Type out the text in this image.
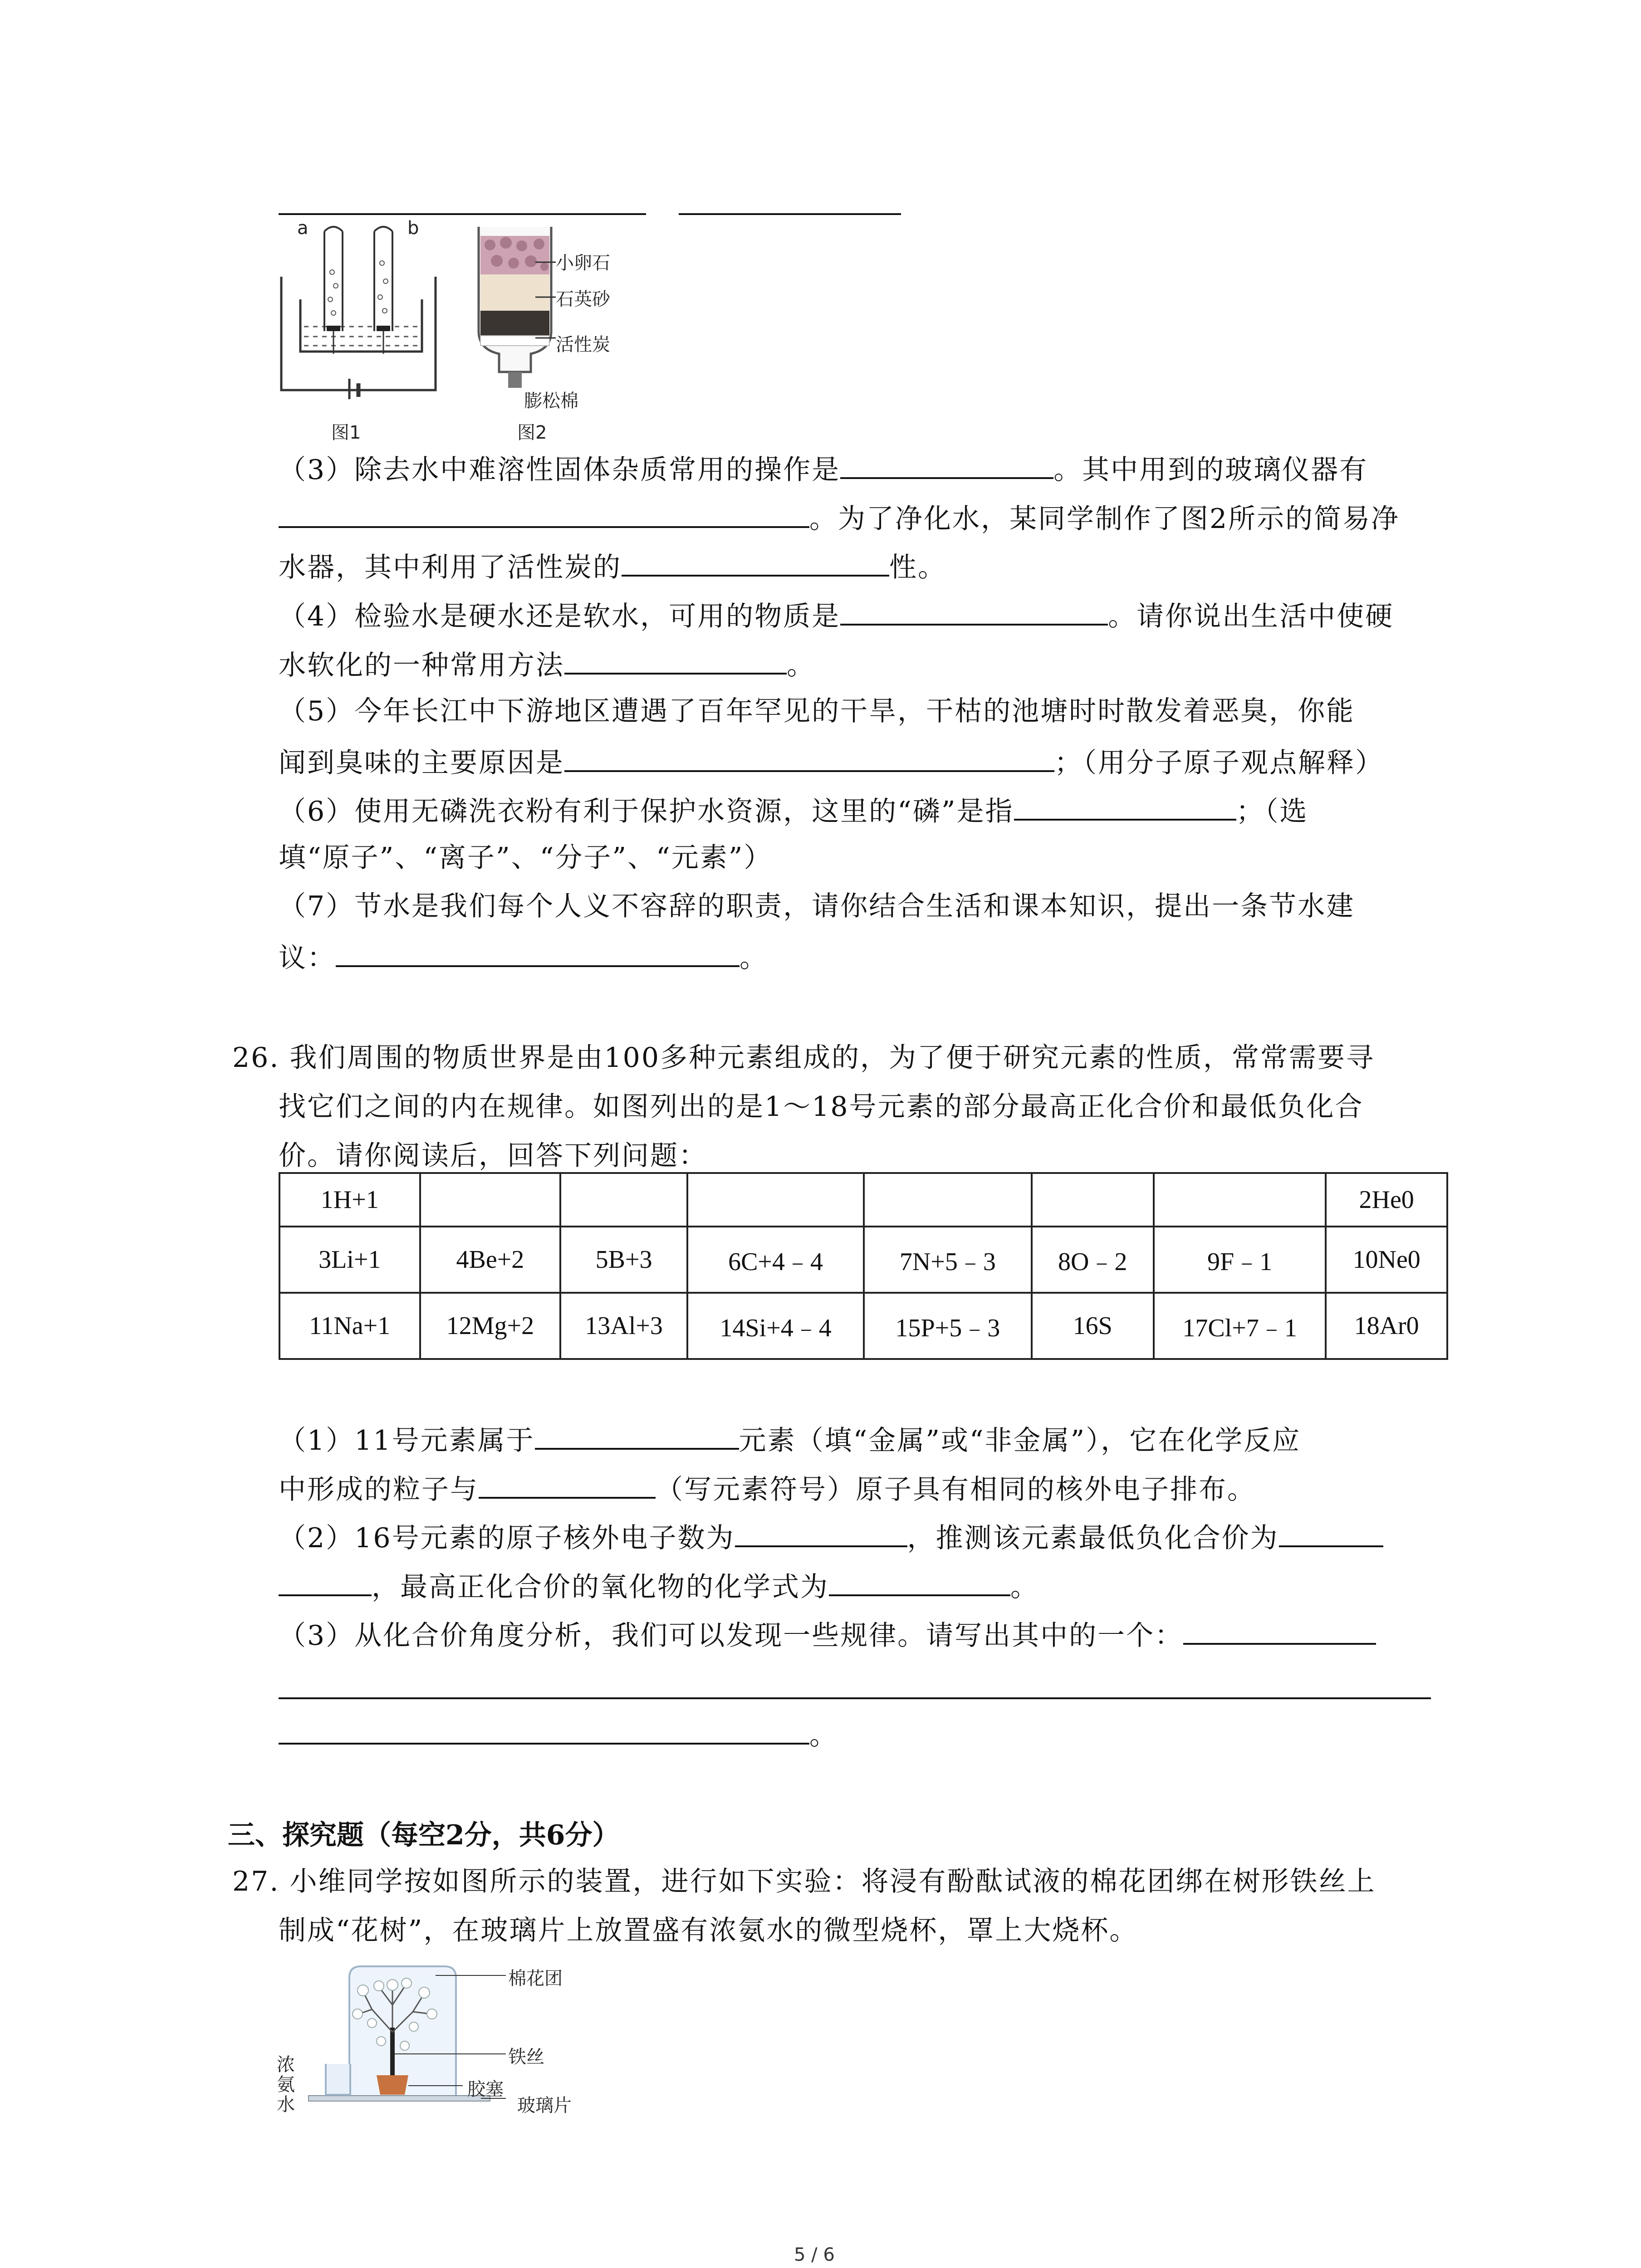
a	b
图1
小卵石
石英砂
活性炭
膨松棉
图2
（3）除去水中难溶性固体杂质常用的操作是	。其中用到的玻璃仪器有
。为了净化水，某同学制作了图2所示的简易净
水器，其中利用了活性炭的	性。
（4）检验水是硬水还是软水，可用的物质是	。请你说出生活中使硬
水软化的一种常用方法	。
（5）今年长江中下游地区遭遇了百年罕见的干旱，干枯的池塘时时散发着恶臭，你能
闻到臭味的主要原因是	；（用分子原子观点解释）
（6）使用无磷洗衣粉有利于保护水资源，这里的“磷”是指	；（选
填“原子”、“离子”、“分子”、“元素”）
（7）节水是我们每个人义不容辞的职责，请你结合生活和课本知识，提出一条节水建
议：	。
26. 我们周围的物质世界是由100多种元素组成的，为了便于研究元素的性质，常常需要寻
找它们之间的内在规律。如图列出的是1～18号元素的部分最高正化合价和最低负化合
价。请你阅读后，回答下列问题：
1H+1							2He0
3Li+1	4Be+2	5B+3	6C+4﹣4	7N+5﹣3	8O﹣2	9F﹣1	10Ne0
11Na+1	12Mg+2	13Al+3	14Si+4﹣4	15P+5﹣3	16S	17Cl+7﹣1	18Ar0
（1）11号元素属于	元素（填“金属”或“非金属”），它在化学反应
中形成的粒子与	（写元素符号）原子具有相同的核外电子排布。
（2）16号元素的原子核外电子数为	，推测该元素最低负化合价为
，最高正化合价的氧化物的化学式为	。
（3）从化合价角度分析，我们可以发现一些规律。请写出其中的一个：
。
三、探究题（每空2分，共6分）
27. 小维同学按如图所示的装置，进行如下实验：将浸有酚酞试液的棉花团绑在树形铁丝上
制成“花树”，在玻璃片上放置盛有浓氨水的微型烧杯，罩上大烧杯。
棉花团
铁丝
胶塞
玻璃片
浓
氨
水
5 / 6
